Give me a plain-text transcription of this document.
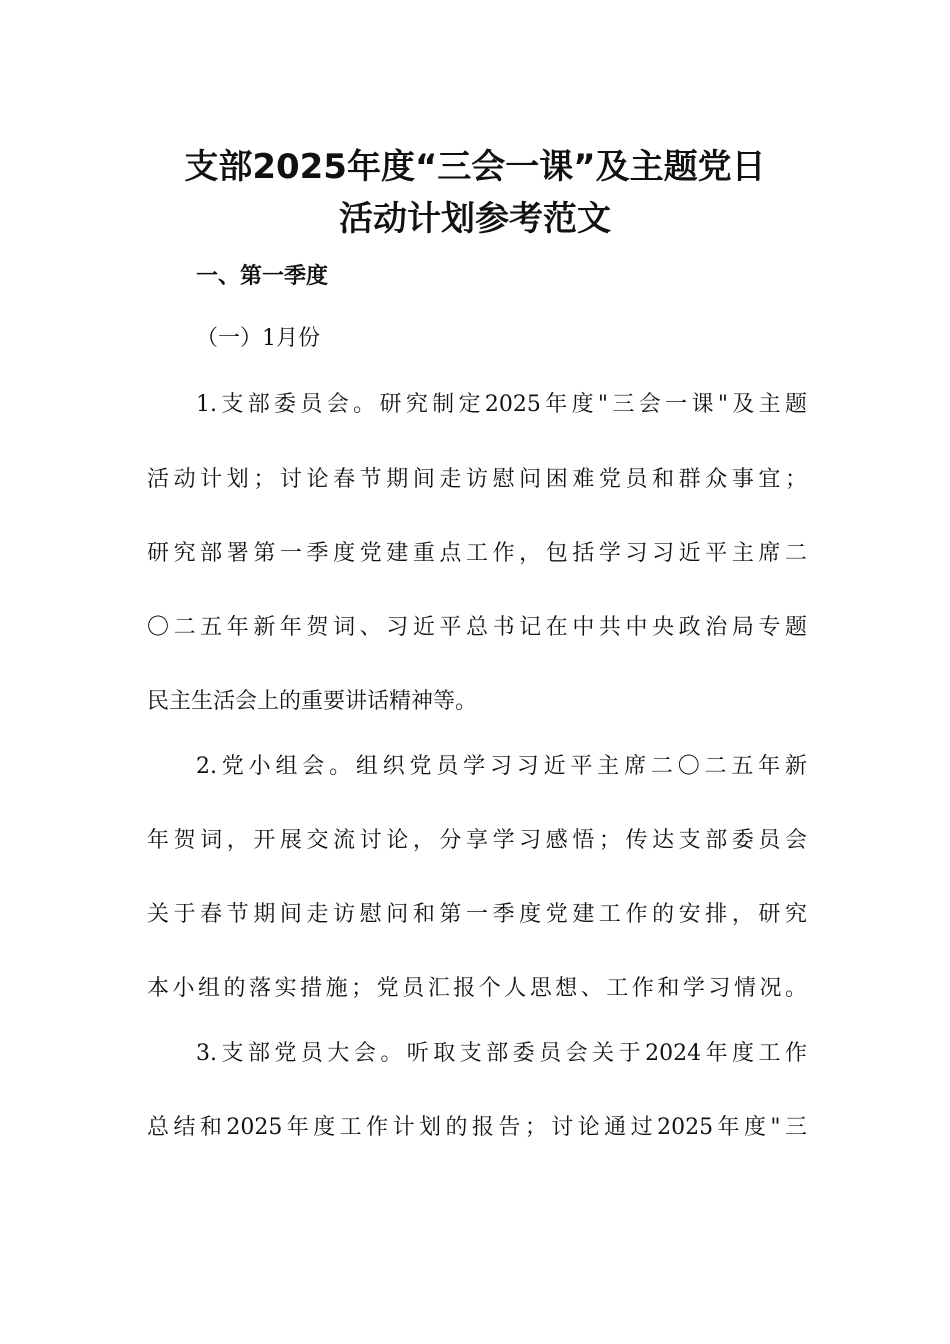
支部2025年度“三会一课”及主题党日
活动计划参考范文
一、第一季度
（一）1月份
1.支部委员会。研究制定2025年度"三会一课"及主题
活动计划；讨论春节期间走访慰问困难党员和群众事宜；
研究部署第一季度党建重点工作，包括学习习近平主席二
〇二五年新年贺词、习近平总书记在中共中央政治局专题
民主生活会上的重要讲话精神等。
2.党小组会。组织党员学习习近平主席二〇二五年新
年贺词，开展交流讨论，分享学习感悟；传达支部委员会
关于春节期间走访慰问和第一季度党建工作的安排，研究
本小组的落实措施；党员汇报个人思想、工作和学习情况。
3.支部党员大会。听取支部委员会关于2024年度工作
总结和2025年度工作计划的报告；讨论通过2025年度"三
